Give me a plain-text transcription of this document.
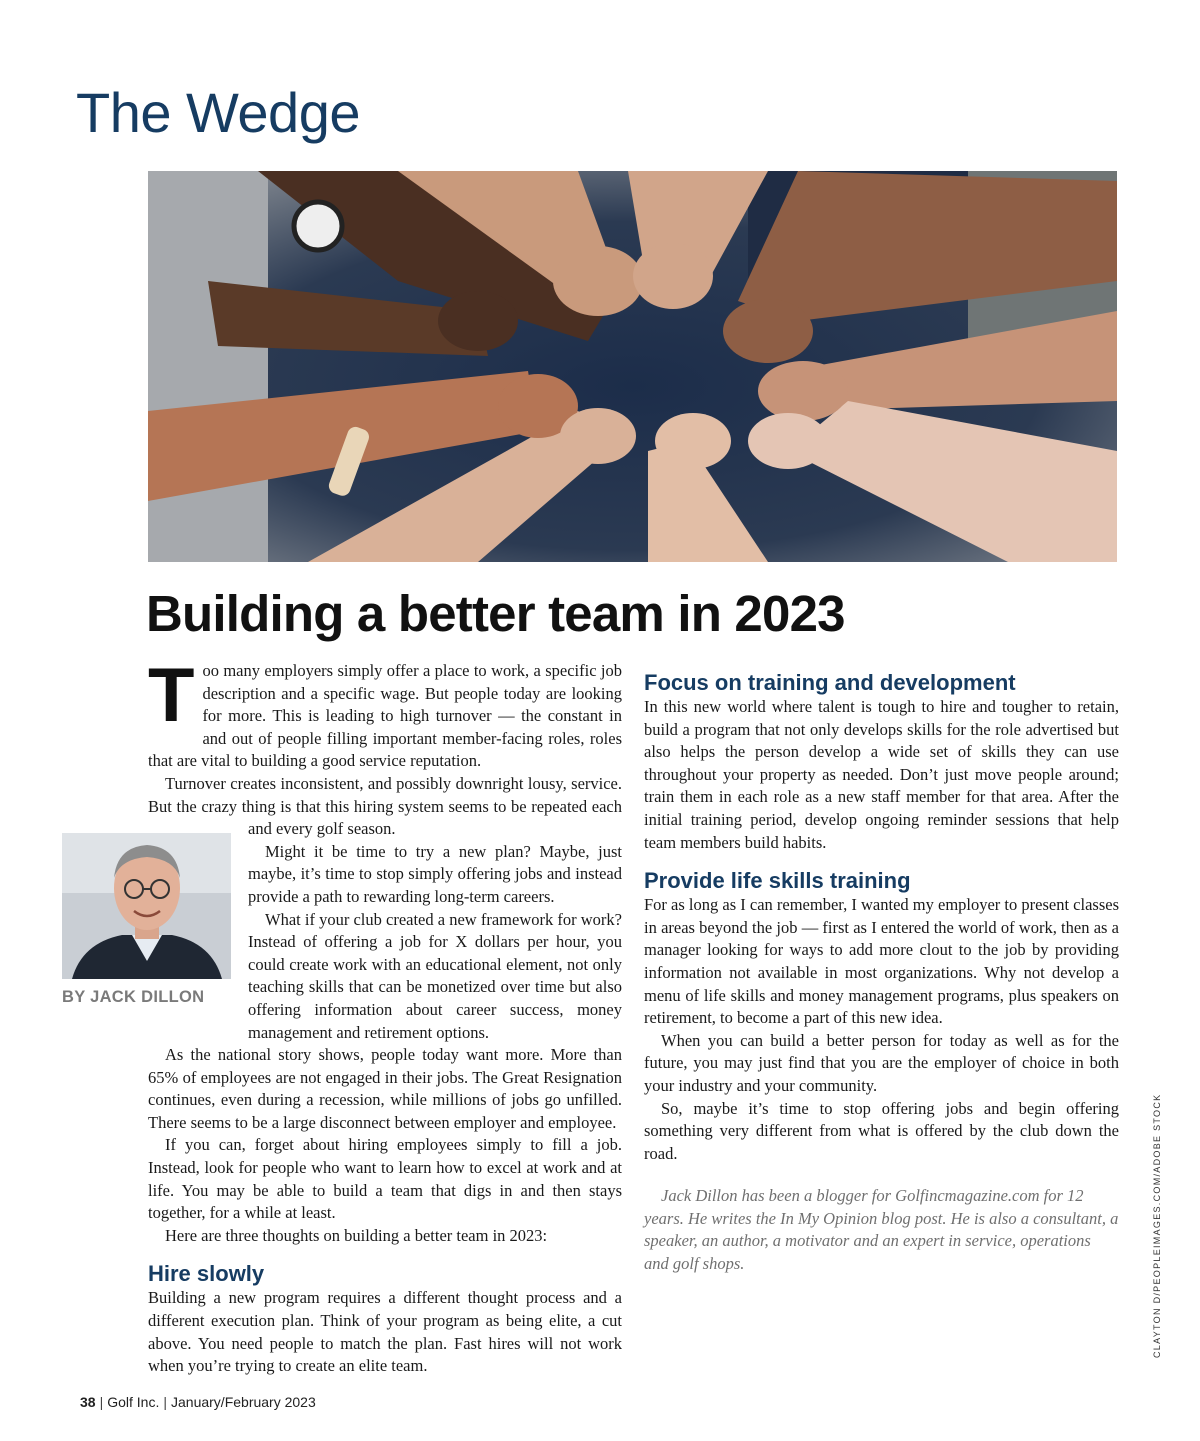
The Wedge
Building a better team in 2023

BY JACK DILLON

Too many employers simply offer a place to work, a specific job description and a specific wage. But people today are looking for more. This is leading to high turnover — the constant in and out of people filling important member-facing roles, roles that are vital to building a good service reputation.

Turnover creates inconsistent, and possibly downright lousy, service. But the crazy thing is that this hiring system seems to be repeated each and every golf season.

Might it be time to try a new plan? Maybe, just maybe, it’s time to stop simply offering jobs and instead provide a path to rewarding long-term careers.

What if your club created a new framework for work? Instead of offering a job for X dollars per hour, you could create work with an educational element, not only teaching skills that can be monetized over time but also offering information about career success, money management and retirement options.

As the national story shows, people today want more. More than 65% of employees are not engaged in their jobs. The Great Resignation continues, even during a recession, while millions of jobs go unfilled. There seems to be a large disconnect between employer and employee.

If you can, forget about hiring employees simply to fill a job. Instead, look for people who want to learn how to excel at work and at life. You may be able to build a team that digs in and then stays together, for a while at least.

Here are three thoughts on building a better team in 2023:

Hire slowly

Building a new program requires a different thought process and a different execution plan. Think of your program as being elite, a cut above. You need people to match the plan. Fast hires will not work when you’re trying to create an elite team.

Focus on training and development

In this new world where talent is tough to hire and tougher to retain, build a program that not only develops skills for the role advertised but also helps the person develop a wide set of skills they can use throughout your property as needed. Don’t just move people around; train them in each role as a new staff member for that area. After the initial training period, develop ongoing reminder sessions that help team members build habits.

Provide life skills training

For as long as I can remember, I wanted my employer to present classes in areas beyond the job — first as I entered the world of work, then as a manager looking for ways to add more clout to the job by providing information not available in most organizations. Why not develop a menu of life skills and money management programs, plus speakers on retirement, to become a part of this new idea.

When you can build a better person for today as well as for the future, you may just find that you are the employer of choice in both your industry and your community.

So, maybe it’s time to stop offering jobs and begin offering something very different from what is offered by the club down the road.

Jack Dillon has been a blogger for Golfincmagazine.com for 12 years. He writes the In My Opinion blog post. He is also a consultant, a speaker, an author, a motivator and an expert in service, operations and golf shops.	CLAYTON D/PEOPLEIMAGES.COM/ADOBE STOCK

38 | Golf Inc. | January/February 2023
